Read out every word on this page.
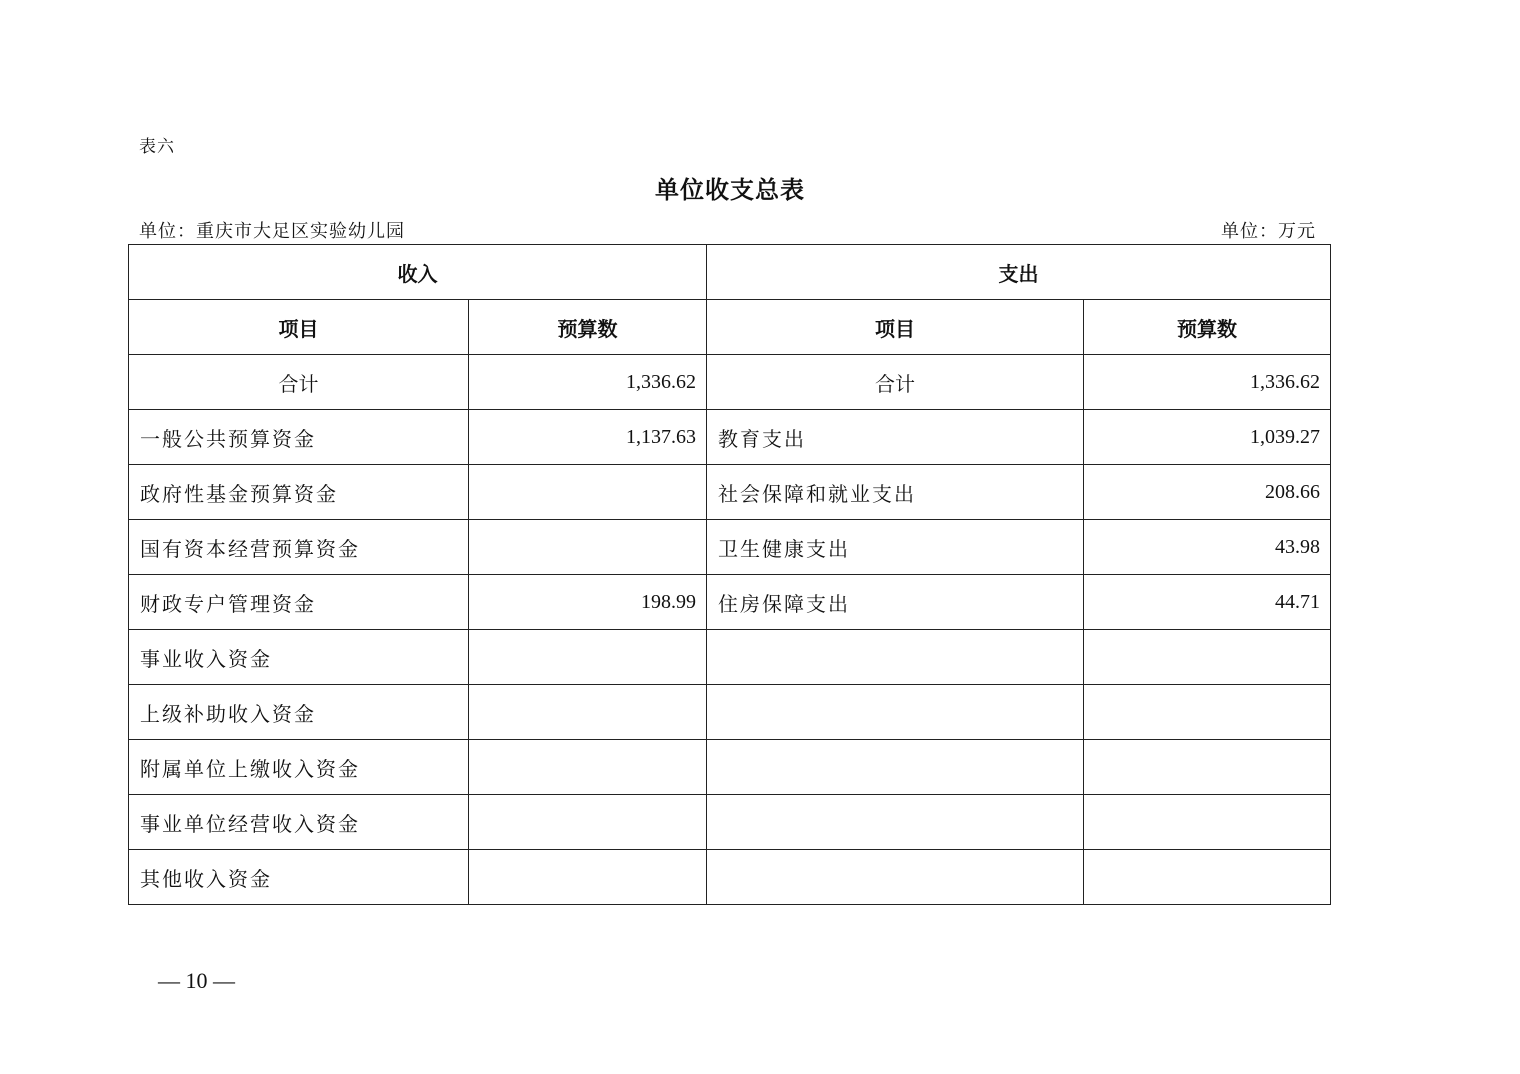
表六
单位收支总表
单位：重庆市大足区实验幼儿园	单位：万元
收入		支出	
项目	预算数	项目	预算数
合计	1,336.62	合计	1,336.62
一般公共预算资金	1,137.63	教育支出	1,039.27
政府性基金预算资金		社会保障和就业支出	208.66
国有资本经营预算资金		卫生健康支出	43.98
财政专户管理资金	198.99	住房保障支出	44.71
事业收入资金			
上级补助收入资金			
附属单位上缴收入资金			
事业单位经营收入资金			
其他收入资金			
— 10 —
